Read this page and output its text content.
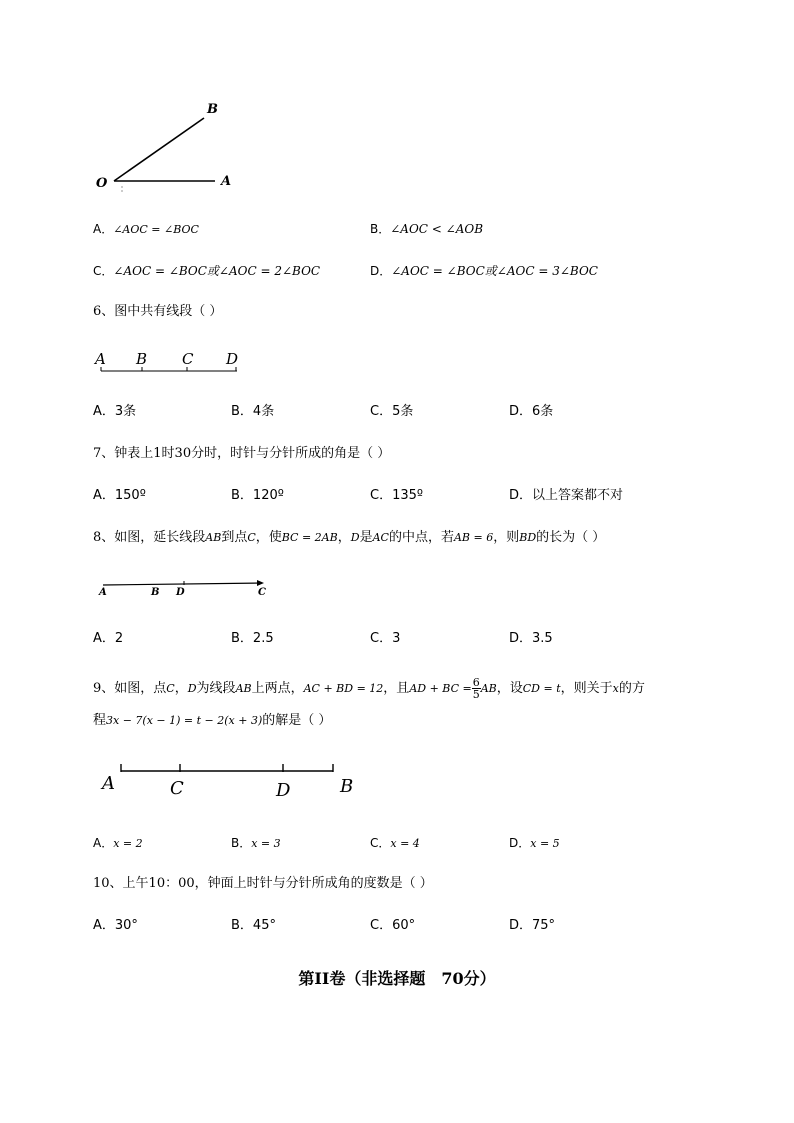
O	A
B
A．∠AOC = ∠BOC	B．∠AOC < ∠AOB
C．∠AOC = ∠BOC或∠AOC = 2∠BOC	D．∠AOC = ∠BOC或∠AOC = 3∠BOC
6、图中共有线段（ ）
A B C D
A．3条	B．4条	C．5条	D．6条
7、钟表上1时30分时，时针与分针所成的角是（ ）
A．150º	B．120º	C．135º	D．以上答案都不对
8、如图，延长线段AB到点C，使BC = 2AB，D是AC的中点，若AB = 6，则BD的长为（ ）
A	B D	C
A．2	B．2.5	C．3	D．3.5
9、如图，点C，D为线段AB上两点，AC + BD = 12，且AD + BC = $\frac{6}{5}$ AB，设CD = t，则关于x的方
程3x − 7(x − 1) = t − 2(x + 3)的解是（ ）
A	C	D	B
A．x = 2	B．x = 3	C．x = 4	D．x = 5
10、上午10：00，钟面上时针与分针所成角的度数是（ ）
A．30°	B．45°	C．60°	D．75°
第II卷（非选择题　70分）
